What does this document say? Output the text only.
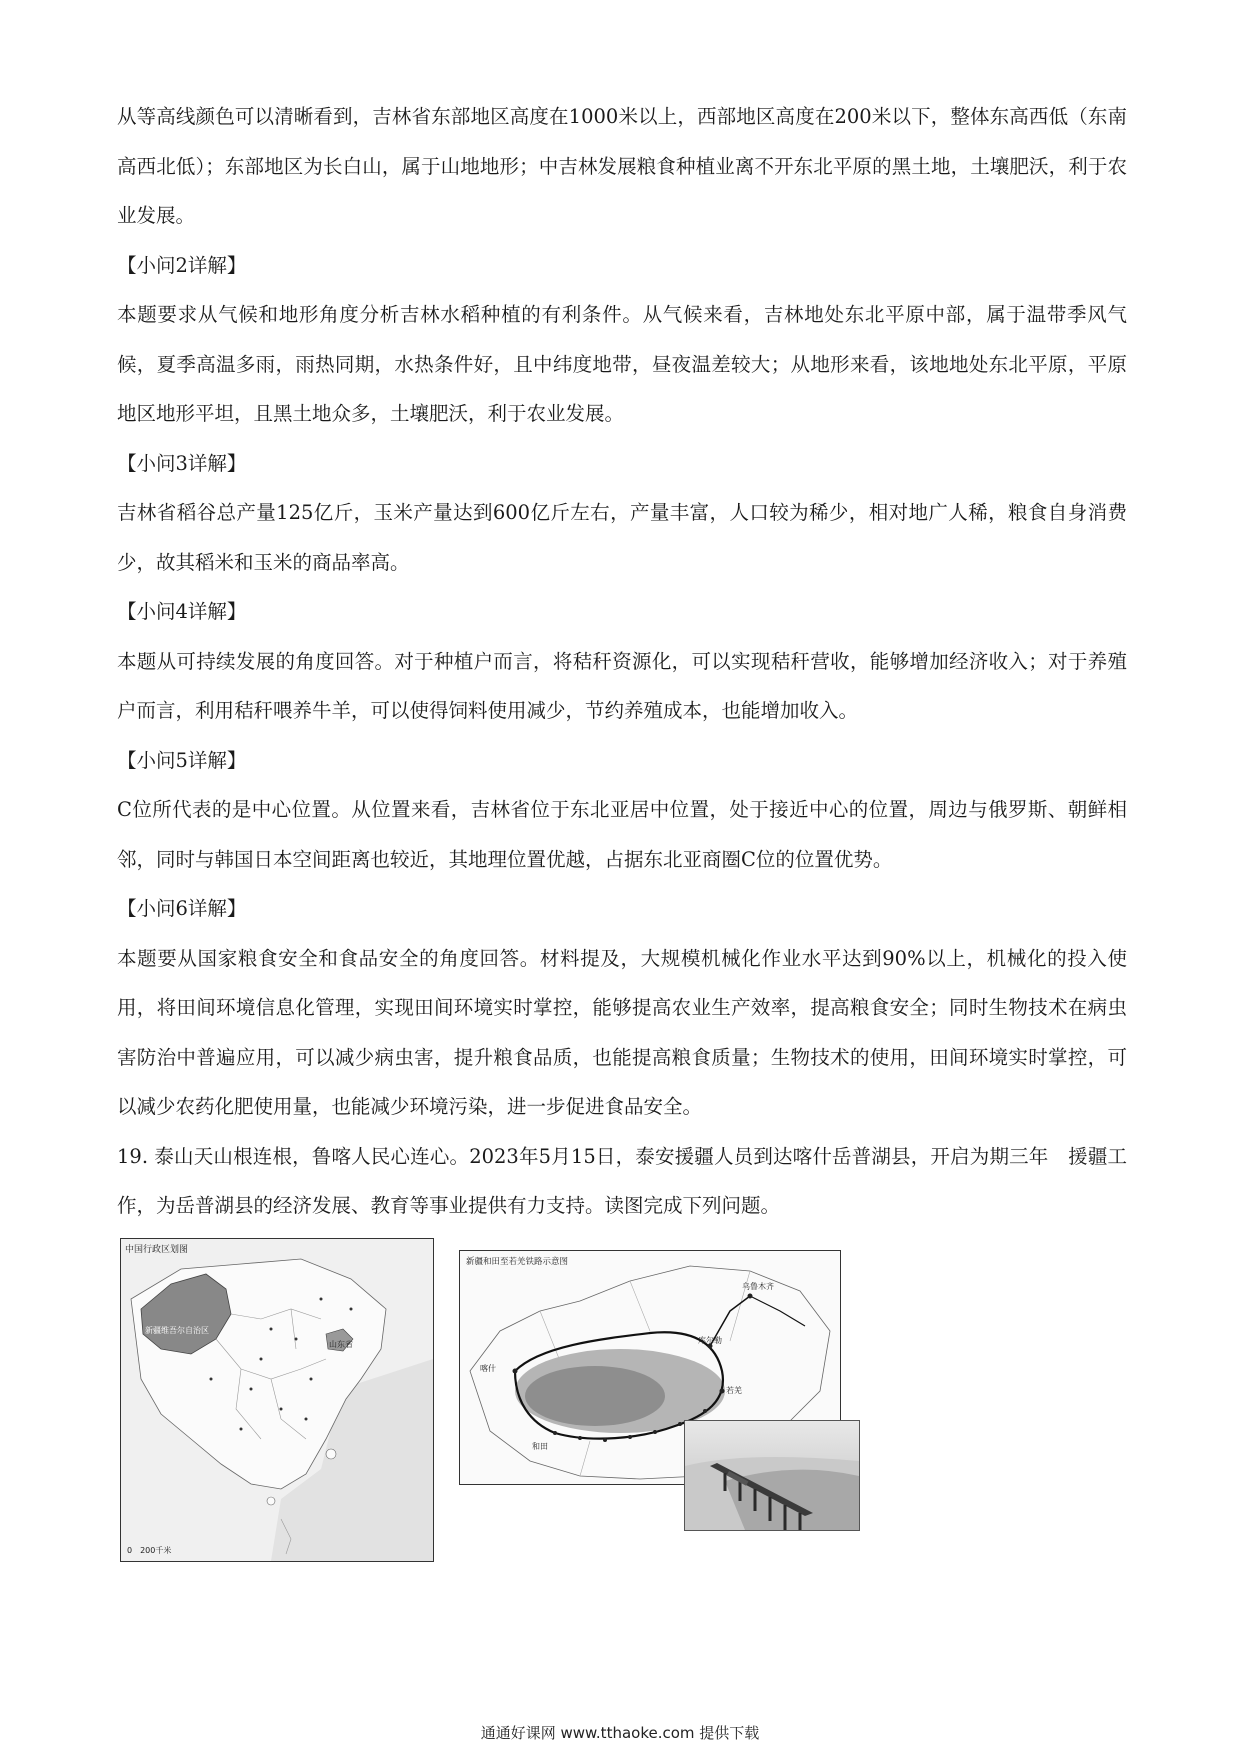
从等高线颜色可以清晰看到，吉林省东部地区高度在1000米以上，西部地区高度在200米以下，整体东高西低（东南高西北低）；东部地区为长白山，属于山地地形；中吉林发展粮食种植业离不开东北平原的黑土地，土壤肥沃，利于农业发展。

【小问2详解】

本题要求从气候和地形角度分析吉林水稻种植的有利条件。从气候来看，吉林地处东北平原中部，属于温带季风气候，夏季高温多雨，雨热同期，水热条件好，且中纬度地带，昼夜温差较大；从地形来看，该地地处东北平原，平原地区地形平坦，且黑土地众多，土壤肥沃，利于农业发展。

【小问3详解】

吉林省稻谷总产量125亿斤，玉米产量达到600亿斤左右，产量丰富，人口较为稀少，相对地广人稀，粮食自身消费少，故其稻米和玉米的商品率高。

【小问4详解】

本题从可持续发展的角度回答。对于种植户而言，将秸秆资源化，可以实现秸秆营收，能够增加经济收入；对于养殖户而言，利用秸秆喂养牛羊，可以使得饲料使用减少，节约养殖成本，也能增加收入。

【小问5详解】

C位所代表的是中心位置。从位置来看，吉林省位于东北亚居中位置，处于接近中心的位置，周边与俄罗斯、朝鲜相邻，同时与韩国日本空间距离也较近，其地理位置优越，占据东北亚商圈C位的位置优势。

【小问6详解】

本题要从国家粮食安全和食品安全的角度回答。材料提及，大规模机械化作业水平达到90%以上，机械化的投入使用，将田间环境信息化管理，实现田间环境实时掌控，能够提高农业生产效率，提高粮食安全；同时生物技术在病虫害防治中普遍应用，可以减少病虫害，提升粮食品质，也能提高粮食质量；生物技术的使用，田间环境实时掌控，可以减少农药化肥使用量，也能减少环境污染，进一步促进食品安全。

19. 泰山天山根连根，鲁喀人民心连心。2023年5月15日，泰安援疆人员到达喀什岳普湖县，开启为期三年　援疆工作，为岳普湖县的经济发展、教育等事业提供有力支持。读图完成下列问题。

中国行政区划图
新疆维吾尔自治区
山东省
0　200千米
新疆和田至若羌铁路示意图
乌鲁木齐
库尔勒
喀什
和田
若羌
通通好课网 www.tthaoke.com 提供下载
